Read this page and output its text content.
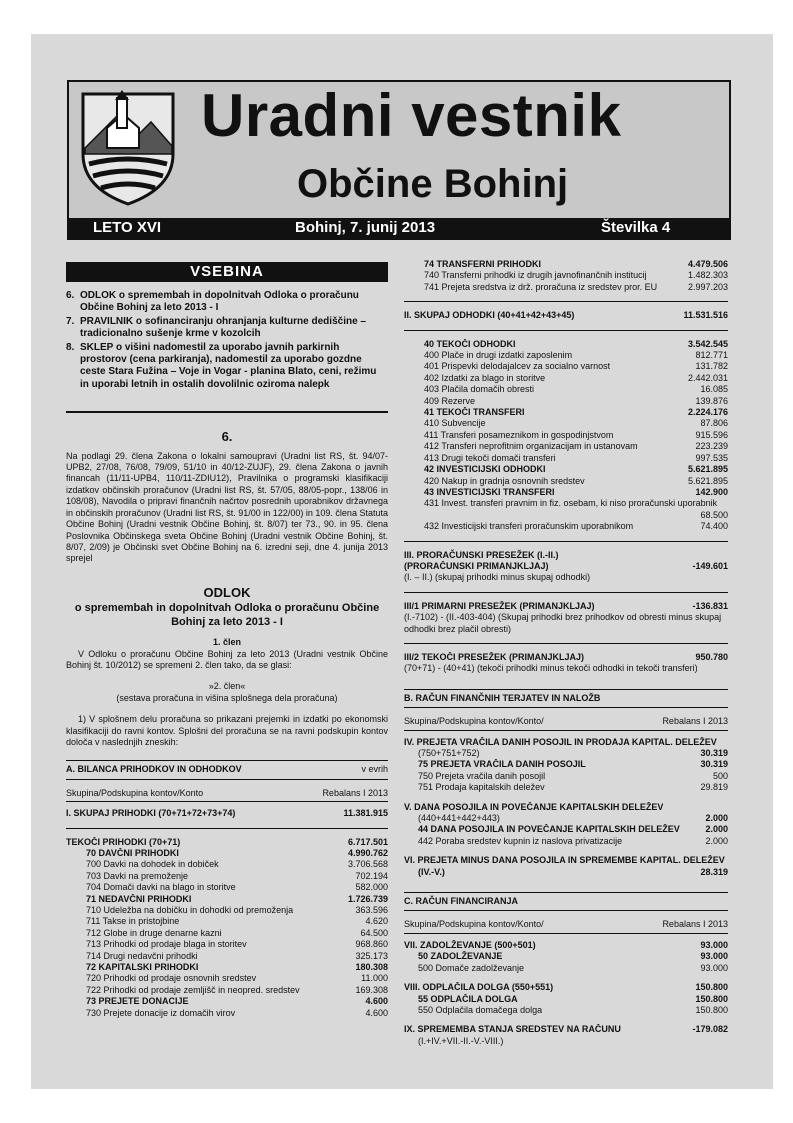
Uradni vestnik
Občine Bohinj
LETO XVI	Bohinj, 7. junij 2013	Številka 4
VSEBINA
6. ODLOK o spremembah in dopolnitvah Odloka o proračunu Občine Bohinj za leto 2013 - I
7. PRAVILNIK o sofinanciranju ohranjanja kulturne dediščine – tradicionalno sušenje krme v kozolcih
8. SKLEP o višini nadomestil za uporabo javnih parkirnih prostorov (cena parkiranja), nadomestil za uporabo gozdne ceste Stara Fužina – Voje in Vogar - planina Blato, ceni, režimu in uporabi letnih in ostalih dovolilnic oziroma nalepk
6.
Na podlagi 29. člena Zakona o lokalni samoupravi (Uradni list RS, št. 94/07-UPB2, 27/08, 76/08, 79/09, 51/10 in 40/12-ZUJF), 29. člena Zakona o javnih financah (11/11-UPB4, 110/11-ZDIU12), Pravilnika o programski klasifikaciji izdatkov občinskih proračunov (Uradni list RS, št. 57/05, 88/05-popr., 138/06 in 108/08), Navodila o pripravi finančnih načrtov posrednih uporabnikov državnega in občinskih proračunov (Uradni list RS, št. 91/00 in 122/00) in 109. člena Statuta Občine Bohinj (Uradni vestnik Občine Bohinj, št. 8/07) ter 73., 90. in 95. člena Poslovnika Občinskega sveta Občine Bohinj (Uradni vestnik Občine Bohinj, št. 8/07, 2/09) je Občinski svet Občine Bohinj na 6. izredni seji, dne 4. junija 2013 sprejel
ODLOK
o spremembah in dopolnitvah Odloka o proračunu Občine Bohinj za leto 2013 - I
1. člen
V Odloku o proračunu Občine Bohinj za leto 2013 (Uradni vestnik Občine Bohinj št. 10/2012) se spremeni 2. člen tako, da se glasi:
»2. člen«
(sestava proračuna in višina splošnega dela proračuna)
1) V splošnem delu proračuna so prikazani prejemki in izdatki po ekonomski klasifikaciji do ravni kontov. Splošni del proračuna se na ravni podskupin kontov določa v naslednjih zneskih:
A. BILANCA PRIHODKOV IN ODHODKOV	v evrih
Skupina/Podskupina kontov/Konto	Rebalans I 2013
I. SKUPAJ PRIHODKI (70+71+72+73+74)	11.381.915
TEKOČI PRIHODKI (70+71)	6.717.501
70 DAVČNI PRIHODKI	4.990.762
700 Davki na dohodek in dobiček	3.706.568
703 Davki na premoženje	702.194
704 Domači davki na blago in storitve	582.000
71 NEDAVČNI PRIHODKI	1.726.739
710 Udeležba na dobičku in dohodki od premoženja	363.596
711 Takse in pristojbine	4.620
712 Globe in druge denarne kazni	64.500
713 Prihodki od prodaje blaga in storitev	968.860
714 Drugi nedavčni prihodki	325.173
72 KAPITALSKI PRIHODKI	180.308
720 Prihodki od prodaje osnovnih sredstev	11.000
722 Prihodki od prodaje zemljišč in neopred. sredstev	169.308
73 PREJETE DONACIJE	4.600
730 Prejete donacije iz domačih virov	4.600
74 TRANSFERNI PRIHODKI	4.479.506
740 Transferni prihodki iz drugih javnofinančnih institucij	1.482.303
741 Prejeta sredstva iz drž. proračuna iz sredstev pror. EU	2.997.203
II. SKUPAJ ODHODKI (40+41+42+43+45)	11.531.516
40 TEKOČI ODHODKI	3.542.545
400 Plače in drugi izdatki zaposlenim	812.771
401 Prispevki delodajalcev za socialno varnost	131.782
402 Izdatki za blago in storitve	2.442.031
403 Plačila domačih obresti	16.085
409 Rezerve	139.876
41 TEKOČI TRANSFERI	2.224.176
410 Subvencije	87.806
411 Transferi posameznikom in gospodinjstvom	915.596
412 Transferi neprofitnim organizacijam in ustanovam	223.239
413 Drugi tekoči domači transferi	997.535
42 INVESTICIJSKI ODHODKI	5.621.895
420 Nakup in gradnja osnovnih sredstev	5.621.895
43 INVESTICIJSKI TRANSFERI	142.900
431 Invest. transferi pravnim in fiz. osebam, ki niso proračunski uporabnik
68.500
432 Investicijski transferi proračunskim uporabnikom	74.400
III. PRORAČUNSKI PRESEŽEK (I.-II.)
(PRORAČUNSKI PRIMANJKLJAJ)	-149.601
(I. – II.) (skupaj prihodki minus skupaj odhodki)
III/1 PRIMARNI PRESEŽEK (PRIMANJKLJAJ)	-136.831
(I.-7102) - (II.-403-404) (Skupaj prihodki brez prihodkov od obresti minus skupaj odhodki brez plačil obresti)
III/2 TEKOČI PRESEŽEK (PRIMANJKLJAJ)	950.780
(70+71) - (40+41) (tekoči prihodki minus tekoči odhodki in tekoči transferi)
B. RAČUN FINANČNIH TERJATEV IN NALOŽB
Skupina/Podskupina kontov/Konto/	Rebalans I 2013
IV. PREJETA VRAČILA DANIH POSOJIL IN PRODAJA KAPITAL. DELEŽEV
(750+751+752)	30.319
75 PREJETA VRAČILA DANIH POSOJIL	30.319
750 Prejeta vračila danih posojil	500
751 Prodaja kapitalskih deležev	29.819
V. DANA POSOJILA IN POVEČANJE KAPITALSKIH DELEŽEV
(440+441+442+443)	2.000
44 DANA POSOJILA IN POVEČANJE KAPITALSKIH DELEŽEV	2.000
442 Poraba sredstev kupnin iz naslova privatizacije	2.000
VI. PREJETA MINUS DANA POSOJILA IN SPREMEMBE KAPITAL. DELEŽEV
(IV.-V.)	28.319
C. RAČUN FINANCIRANJA
Skupina/Podskupina kontov/Konto/	Rebalans I 2013
VII. ZADOLŽEVANJE (500+501)	93.000
50 ZADOLŽEVANJE	93.000
500 Domače zadolževanje	93.000
VIII. ODPLAČILA DOLGA (550+551)	150.800
55 ODPLAČILA DOLGA	150.800
550 Odplačila domačega dolga	150.800
IX. SPREMEMBA STANJA SREDSTEV NA RAČUNU	-179.082
(I.+IV.+VII.-II.-V.-VIII.)
